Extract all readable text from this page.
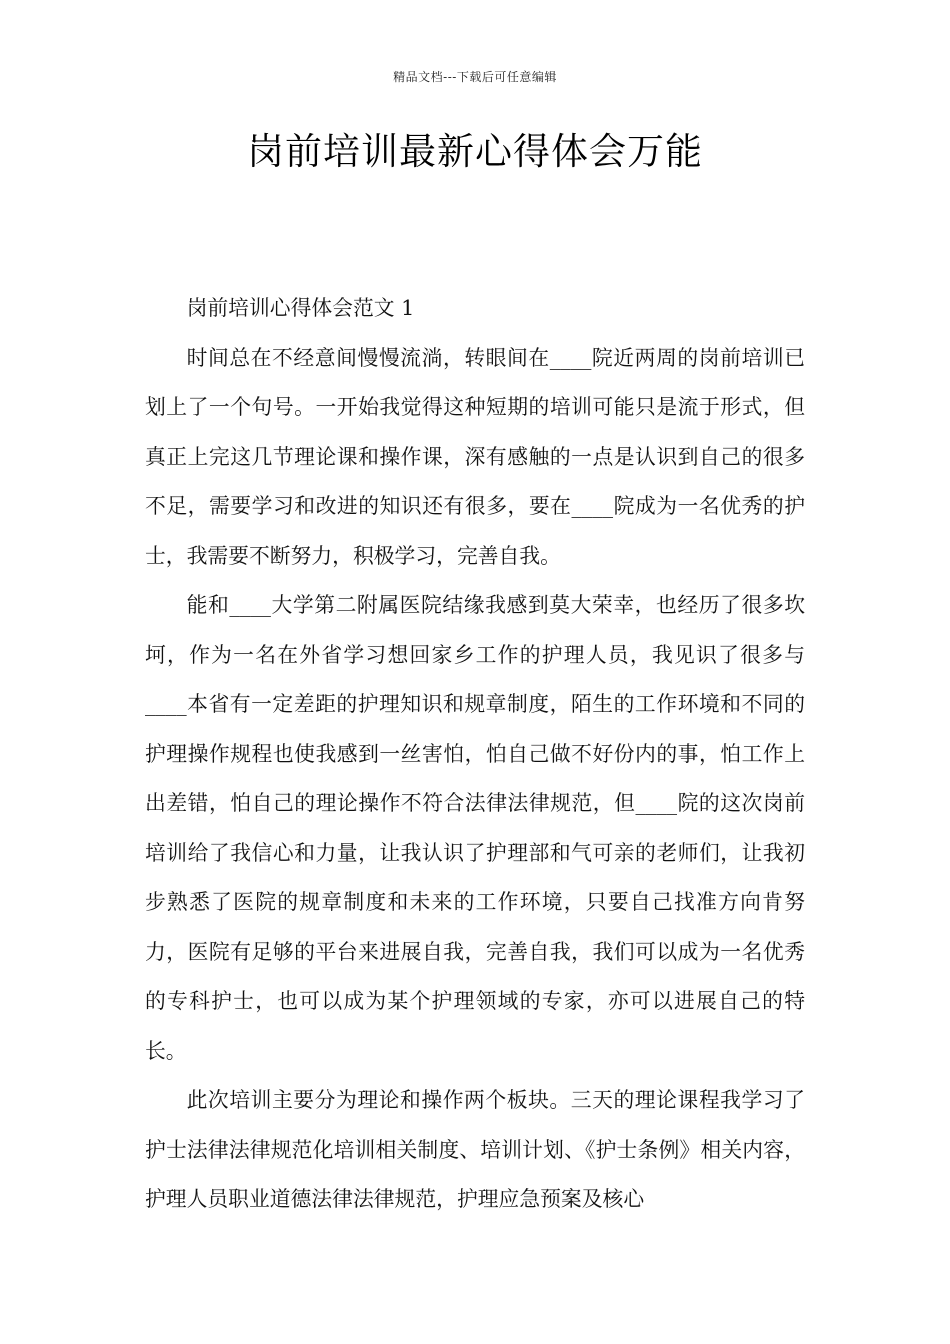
精品文档---下载后可任意编辑
岗前培训最新心得体会万能

岗前培训心得体会范文 1

时间总在不经意间慢慢流淌，转眼间在____院近两周的岗前培训已划上了一个句号。一开始我觉得这种短期的培训可能只是流于形式，但真正上完这几节理论课和操作课，深有感触的一点是认识到自己的很多不足，需要学习和改进的知识还有很多，要在____院成为一名优秀的护士，我需要不断努力，积极学习，完善自我。

能和____大学第二附属医院结缘我感到莫大荣幸，也经历了很多坎坷，作为一名在外省学习想回家乡工作的护理人员，我见识了很多与____本省有一定差距的护理知识和规章制度，陌生的工作环境和不同的护理操作规程也使我感到一丝害怕，怕自己做不好份内的事，怕工作上出差错，怕自己的理论操作不符合法律法律规范，但____院的这次岗前培训给了我信心和力量，让我认识了护理部和气可亲的老师们，让我初步熟悉了医院的规章制度和未来的工作环境，只要自己找准方向肯努力，医院有足够的平台来进展自我，完善自我，我们可以成为一名优秀的专科护士，也可以成为某个护理领域的专家，亦可以进展自己的特长。

此次培训主要分为理论和操作两个板块。三天的理论课程我学习了护士法律法律规范化培训相关制度、培训计划、《护士条例》相关内容，护理人员职业道德法律法律规范，护理应急预案及核心
